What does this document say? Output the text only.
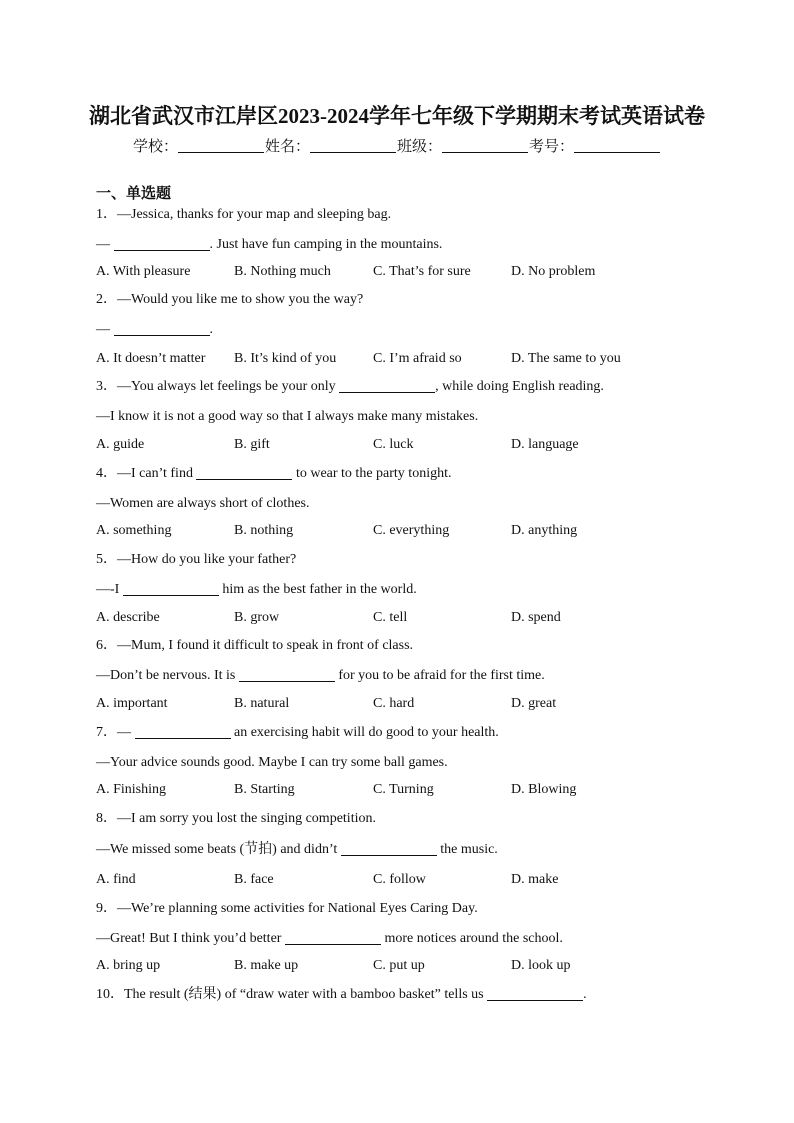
湖北省武汉市江岸区2023-2024学年七年级下学期期末考试英语试卷
学校：	姓名：	班级：	考号：
一、单选题
1．—Jessica, thanks for your map and sleeping bag.
—	. Just have fun camping in the mountains.
A. With pleasure	B. Nothing much	C. That’s for sure	D. No problem
2．—Would you like me to show you the way?
—	.
A. It doesn’t matter B. It’s kind of you	C. I’m afraid so	D. The same to you
3．—You always let feelings be your only	, while doing English reading.
—I know it is not a good way so that I always make many mistakes.
A. guide	B. gift	C. luck	D. language
4．—I can’t find	to wear to the party tonight.
—Women are always short of clothes.
A. something	B. nothing	C. everything	D. anything
5．—How do you like your father?
—-I	him as the best father in the world.
A. describe	B. grow	C. tell	D. spend
6．—Mum, I found it difficult to speak in front of class.
—Don’t be nervous. It is	for you to be afraid for the first time.
A. important	B. natural	C. hard	D. great
7．—	an exercising habit will do good to your health.
—Your advice sounds good. Maybe I can try some ball games.
A. Finishing	B. Starting	C. Turning	D. Blowing
8．—I am sorry you lost the singing competition.
—We missed some beats (节拍) and didn’t	the music.
A. find	B. face	C. follow	D. make
9．—We’re planning some activities for National Eyes Caring Day.
—Great! But I think you’d better	more notices around the school.
A. bring up	B. make up	C. put up	D. look up
10．The result (结果) of “draw water with a bamboo basket” tells us	.
